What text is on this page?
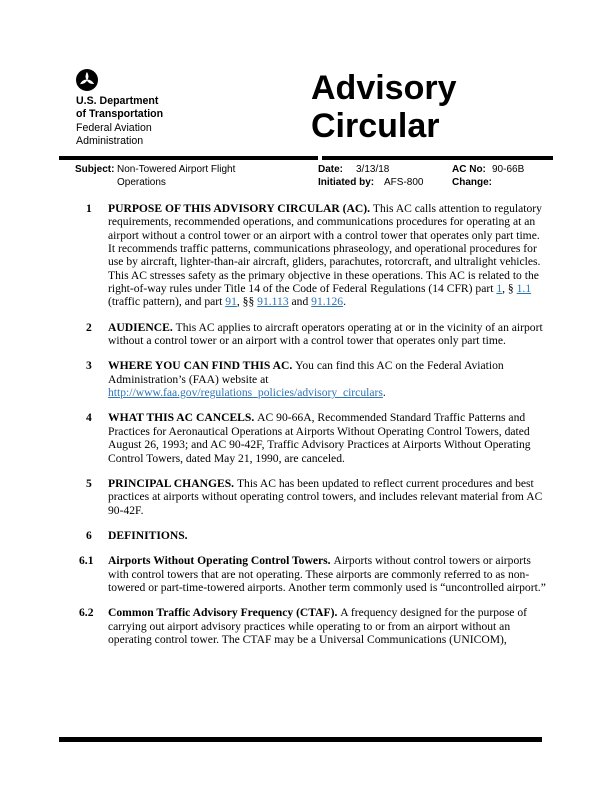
U.S. Department
of Transportation
Federal Aviation
Administration
Advisory
Circular
Subject: Non-Towered Airport Flight
Operations
Date: 3/13/18
Initiated by: AFS-800
AC No: 90-66B
Change:
1	PURPOSE OF THIS ADVISORY CIRCULAR (AC). This AC calls attention to regulatory requirements, recommended operations, and communications procedures for operating at an airport without a control tower or an airport with a control tower that operates only part time. It recommends traffic patterns, communications phraseology, and operational procedures for use by aircraft, lighter-than-air aircraft, gliders, parachutes, rotorcraft, and ultralight vehicles. This AC stresses safety as the primary objective in these operations. This AC is related to the right-of-way rules under Title 14 of the Code of Federal Regulations (14 CFR) part 1, § 1.1 (traffic pattern), and part 91, §§ 91.113 and 91.126.
2	AUDIENCE. This AC applies to aircraft operators operating at or in the vicinity of an airport without a control tower or an airport with a control tower that operates only part time.
3	WHERE YOU CAN FIND THIS AC. You can find this AC on the Federal Aviation Administration’s (FAA) website at http://www.faa.gov/regulations_policies/advisory_circulars.
4	WHAT THIS AC CANCELS. AC 90-66A, Recommended Standard Traffic Patterns and Practices for Aeronautical Operations at Airports Without Operating Control Towers, dated August 26, 1993; and AC 90-42F, Traffic Advisory Practices at Airports Without Operating Control Towers, dated May 21, 1990, are canceled.
5	PRINCIPAL CHANGES. This AC has been updated to reflect current procedures and best practices at airports without operating control towers, and includes relevant material from AC 90-42F.
6	DEFINITIONS.
6.1	Airports Without Operating Control Towers. Airports without control towers or airports with control towers that are not operating. These airports are commonly referred to as non-towered or part-time-towered airports. Another term commonly used is “uncontrolled airport.”
6.2	Common Traffic Advisory Frequency (CTAF). A frequency designed for the purpose of carrying out airport advisory practices while operating to or from an airport without an operating control tower. The CTAF may be a Universal Communications (UNICOM),
